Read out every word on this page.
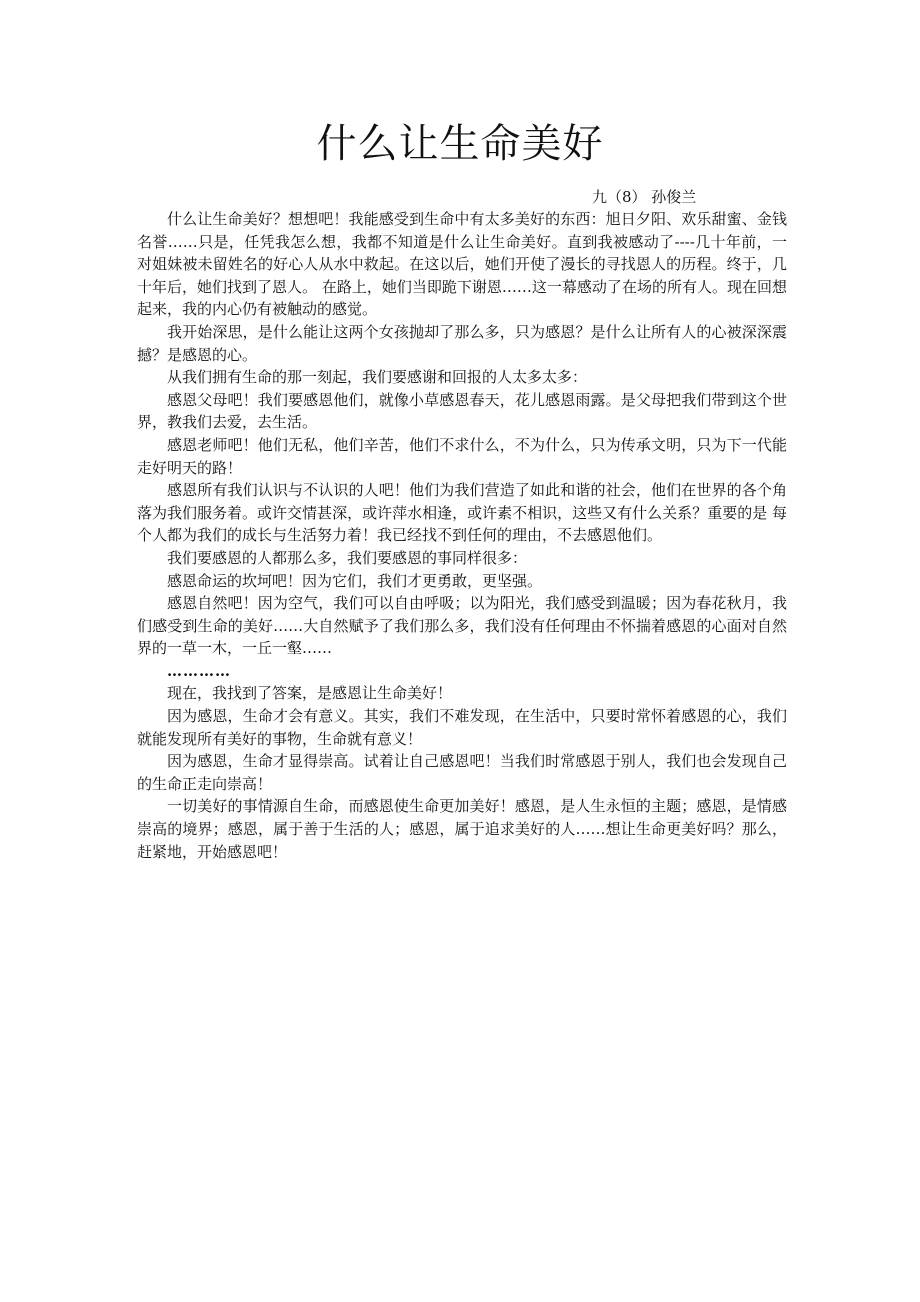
什么让生命美好
九（8） 孙俊兰

什么让生命美好？想想吧！我能感受到生命中有太多美好的东西：旭日夕阳、欢乐甜蜜、金钱名誉……只是，任凭我怎么想，我都不知道是什么让生命美好。直到我被感动了----几十年前，一对姐妹被未留姓名的好心人从水中救起。在这以后，她们开使了漫长的寻找恩人的历程。终于，几十年后，她们找到了恩人。 在路上，她们当即跪下谢恩……这一幕感动了在场的所有人。现在回想起来，我的内心仍有被触动的感觉。

我开始深思，是什么能让这两个女孩抛却了那么多，只为感恩？是什么让所有人的心被深深震撼？是感恩的心。

从我们拥有生命的那一刻起，我们要感谢和回报的人太多太多：

感恩父母吧！我们要感恩他们，就像小草感恩春天，花儿感恩雨露。是父母把我们带到这个世界，教我们去爱，去生活。

感恩老师吧！他们无私，他们辛苦，他们不求什么，不为什么，只为传承文明，只为下一代能走好明天的路！

感恩所有我们认识与不认识的人吧！他们为我们营造了如此和谐的社会，他们在世界的各个角落为我们服务着。或许交情甚深，或许萍水相逢，或许素不相识，这些又有什么关系？重要的是 每个人都为我们的成长与生活努力着！我已经找不到任何的理由，不去感恩他们。

我们要感恩的人都那么多，我们要感恩的事同样很多：

感恩命运的坎坷吧！因为它们，我们才更勇敢，更坚强。

感恩自然吧！因为空气，我们可以自由呼吸；以为阳光，我们感受到温暖；因为春花秋月，我们感受到生命的美好……大自然赋予了我们那么多，我们没有任何理由不怀揣着感恩的心面对自然界的一草一木，一丘一壑……

…………

现在，我找到了答案，是感恩让生命美好！

因为感恩，生命才会有意义。其实，我们不难发现，在生活中，只要时常怀着感恩的心，我们就能发现所有美好的事物，生命就有意义！

因为感恩，生命才显得崇高。试着让自己感恩吧！当我们时常感恩于别人，我们也会发现自己的生命正走向崇高！

一切美好的事情源自生命，而感恩使生命更加美好！感恩，是人生永恒的主题；感恩，是情感崇高的境界；感恩，属于善于生活的人；感恩，属于追求美好的人……想让生命更美好吗？那么，赶紧地，开始感恩吧！
